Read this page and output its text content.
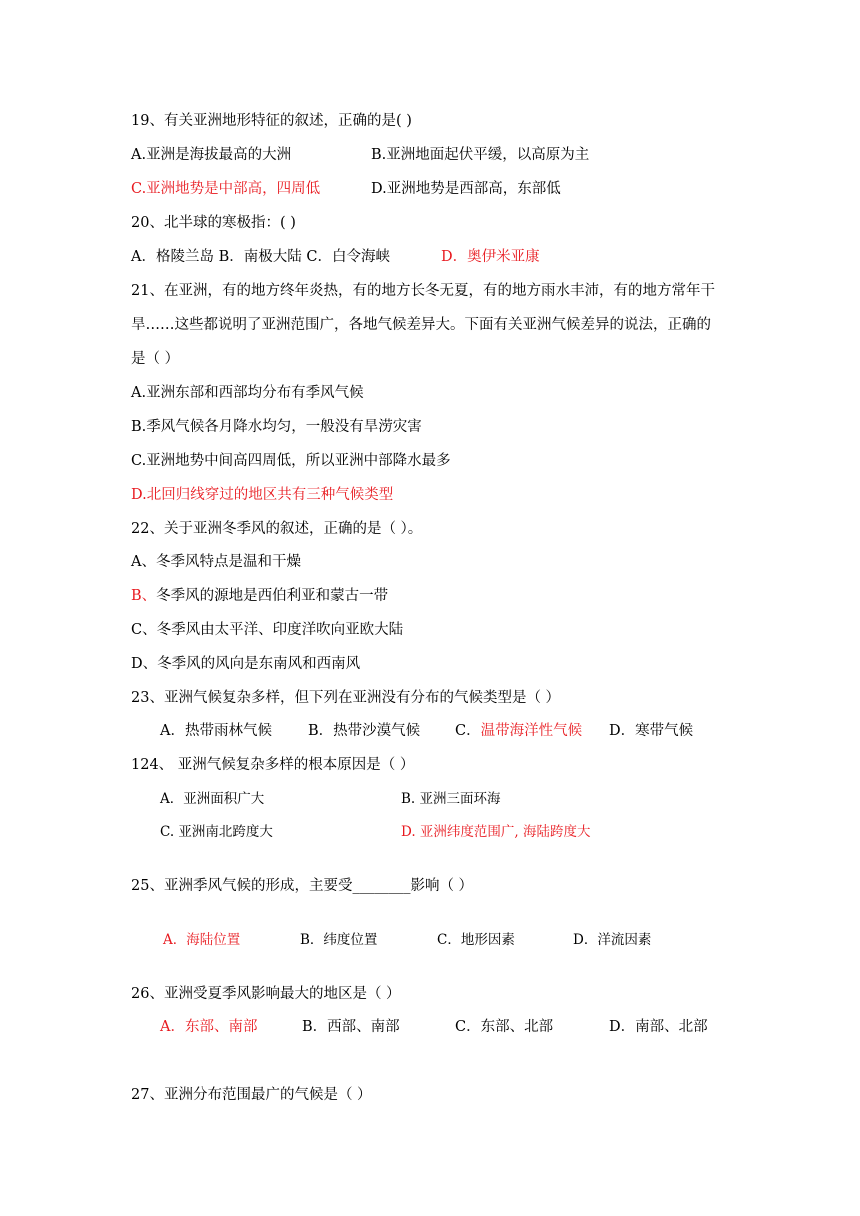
19、有关亚洲地形特征的叙述，正确的是( )
A.亚洲是海拔最高的大洲	B.亚洲地面起伏平缓，以高原为主
C.亚洲地势是中部高，四周低	D.亚洲地势是西部高，东部低
20、北半球的寒极指：( )
A．格陵兰岛 B．南极大陆 C．白令海峡	D．奥伊米亚康
21、在亚洲，有的地方终年炎热，有的地方长冬无夏，有的地方雨水丰沛，有的地方常年干
旱……这些都说明了亚洲范围广，各地气候差异大。下面有关亚洲气候差异的说法，正确的
是（ ）
A.亚洲东部和西部均分布有季风气候
B.季风气候各月降水均匀，一般没有旱涝灾害
C.亚洲地势中间高四周低，所以亚洲中部降水最多
D.北回归线穿过的地区共有三种气候类型
22、关于亚洲冬季风的叙述，正确的是（ ）。
A、冬季风特点是温和干燥
B、冬季风的源地是西伯利亚和蒙古一带
C、冬季风由太平洋、印度洋吹向亚欧大陆
D、冬季风的风向是东南风和西南风
23、亚洲气候复杂多样，但下列在亚洲没有分布的气候类型是（ ）
A．热带雨林气候 B．热带沙漠气候 C．温带海洋性气候 D．寒带气候
124、 亚洲气候复杂多样的根本原因是（ ）
A．亚洲面积广大	B. 亚洲三面环海
C. 亚洲南北跨度大	D. 亚洲纬度范围广, 海陆跨度大
25、亚洲季风气候的形成，主要受________影响（ ）
A．海陆位置	B．纬度位置	C．地形因素	D．洋流因素
26、亚洲受夏季风影响最大的地区是（ ）
A．东部、南部	B．西部、南部	C．东部、北部	D．南部、北部
27、亚洲分布范围最广的气候是（ ）
